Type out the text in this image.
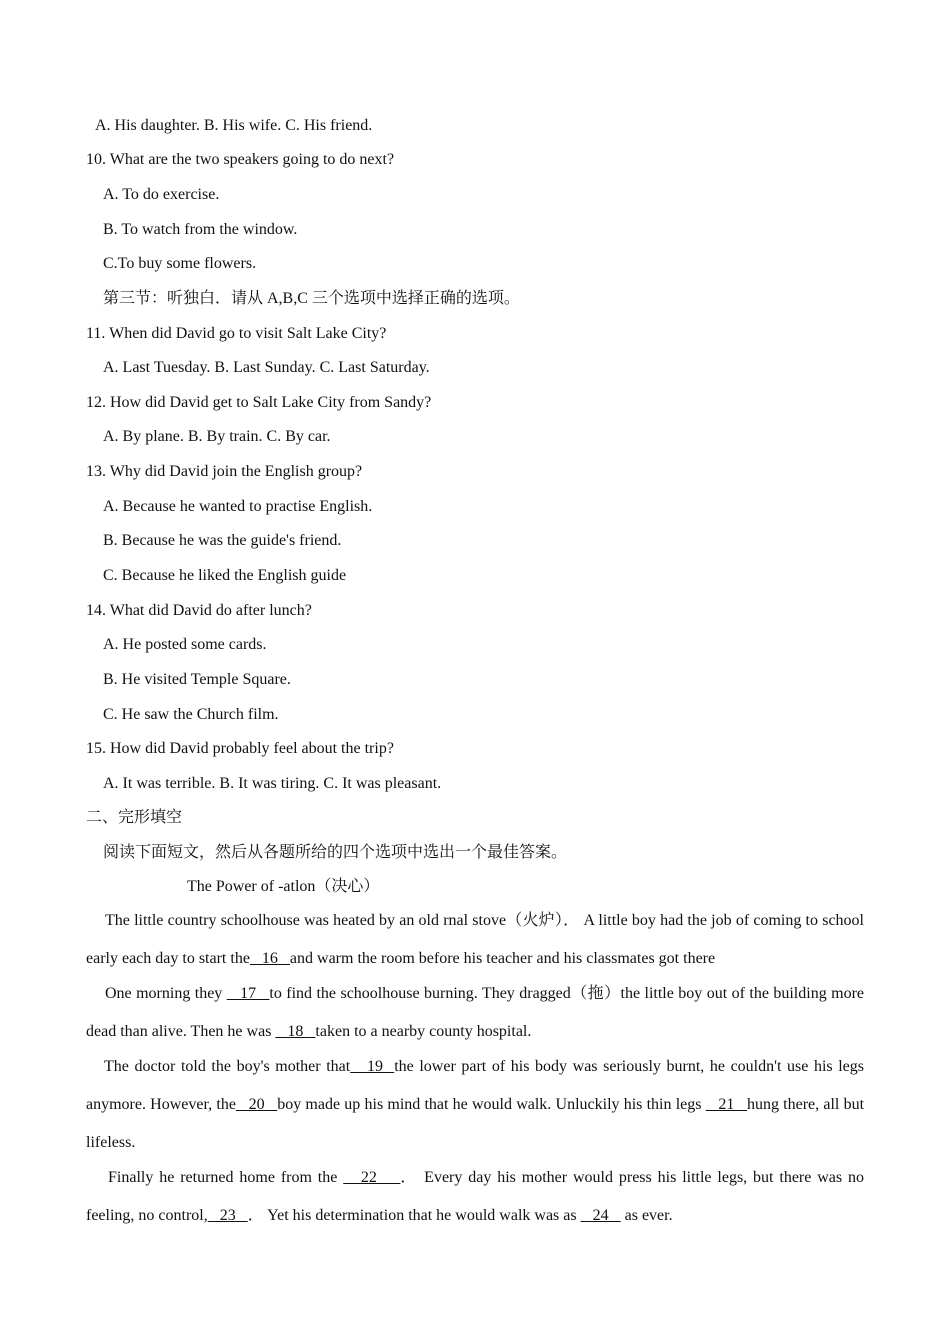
A. His daughter. B. His wife. C. His friend.
10. What are the two speakers going to do next?
A. To do exercise.
B. To watch from the window.
C.To buy some flowers.
第三节：听独白．请从 A,B,C 三个选项中选择正确的选项。
11. When did David go to visit Salt Lake City?
A. Last Tuesday. B. Last Sunday. C. Last Saturday.
12. How did David get to Salt Lake City from Sandy?
A. By plane. B. By train. C. By car.
13. Why did David join the English group?
A. Because he wanted to practise English.
B. Because he was the guide's friend.
C. Because he liked the English guide
14. What did David do after lunch?
A. He posted some cards.
B. He visited Temple Square.
C. He saw the Church film.
15. How did David probably feel about the trip?
A. It was terrible. B. It was tiring. C. It was pleasant.
二、完形填空
阅读下面短文，然后从各题所给的四个选项中选出一个最佳答案。
The Power of -atlon（决心）
The little country schoolhouse was heated by an old rnal stove（火炉）． A little boy had the job of coming to school early each day to start the   16   and warm the room before his teacher and his classmates got there
One morning they    17   to find the schoolhouse burning. They dragged（拖）the little boy out of the building more dead than alive. Then he was    18   taken to a nearby county hospital.
The doctor told the boy's mother that   19  the lower part of his body was seriously burnt, he couldn't use his legs anymore. However, the   20   boy made up his mind that he would walk. Unluckily his thin legs    21   hung there, all but lifeless.
Finally he returned home from the    22    ． Every day his mother would press his little legs, but there was no feeling, no control,   23   ． Yet his determination that he would walk was as    24    as ever.
